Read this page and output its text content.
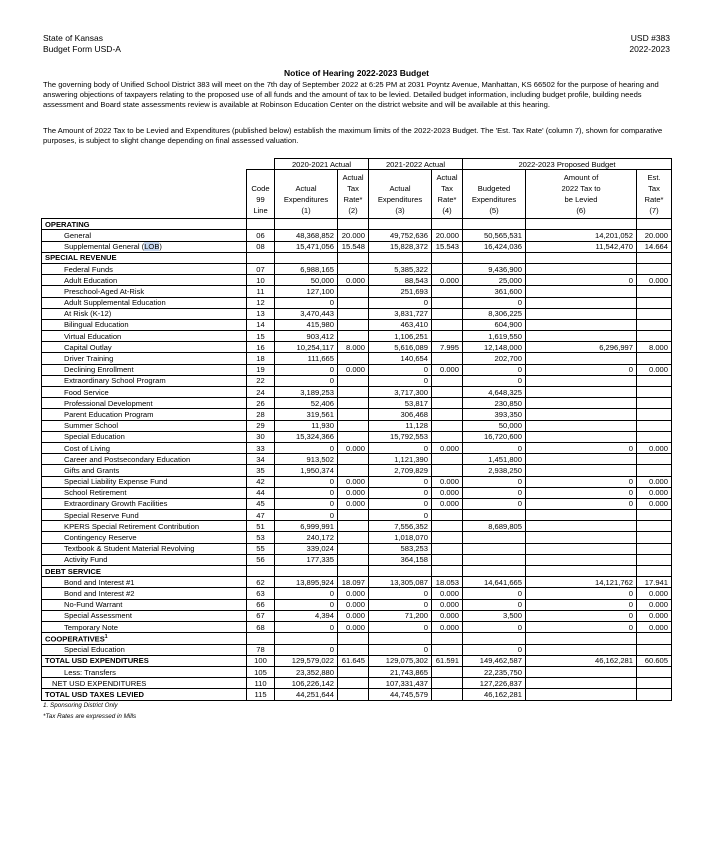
State of Kansas
Budget Form USD-A
USD #383
2022-2023
Notice of Hearing 2022-2023 Budget
The governing body of Unified School District 383 will meet on the 7th day of September 2022 at 6:25 PM at 2031 Poyntz Avenue, Manhattan, KS 66502 for the purpose of hearing and answering objections of taxpayers relating to the proposed use of all funds and the amount of tax to be levied. Detailed budget information, including budget profile, building needs assessment and Board state assessments review is available at Robinson Education Center on the district website and will be available at this hearing.
The Amount of 2022 Tax to be Levied and Expenditures (published below) establish the maximum limits of the 2022-2023 Budget. The 'Est. Tax Rate' (column 7), shown for comparative purposes, is subject to slight change depending on final assessed valuation.
		2020-2021 Actual		2021-2022 Actual		2022-2023 Proposed Budget		
	Code
99
Line	Actual
Expenditures
(1)	Actual
Tax
Rate*
(2)	Actual
Expenditures
(3)	Actual
Tax
Rate*
(4)	Budgeted
Expenditures
(5)	Amount of
2022 Tax to
be Levied
(6)	Est.
Tax
Rate*
(7)
OPERATING								
General	06	48,368,852	20.000	49,752,636	20.000	50,565,531	14,201,052	20.000
Supplemental General (LOB)	08	15,471,056	15.548	15,828,372	15.543	16,424,036	11,542,470	14.664
SPECIAL REVENUE								
Federal Funds	07	6,988,165		5,385,322		9,436,900		
Adult Education	10	50,000	0.000	88,543	0.000	25,000	0	0.000
Preschool-Aged At-Risk	11	127,100		251,693		361,600		
Adult Supplemental Education	12	0		0		0		
At Risk (K-12)	13	3,470,443		3,831,727		8,306,225		
Bilingual Education	14	415,980		463,410		604,900		
Virtual Education	15	903,412		1,106,251		1,619,550		
Capital Outlay	16	10,254,117	8.000	5,616,089	7.995	12,148,000	6,296,997	8.000
Driver Training	18	111,665		140,654		202,700		
Declining Enrollment	19	0	0.000	0	0.000	0	0	0.000
Extraordinary School Program	22	0		0		0		
Food Service	24	3,189,253		3,717,300		4,648,325		
Professional Development	26	52,406		53,817		230,850		
Parent Education Program	28	319,561		306,468		393,350		
Summer School	29	11,930		11,128		50,000		
Special Education	30	15,324,366		15,792,553		16,720,600		
Cost of Living	33	0	0.000	0	0.000	0	0	0.000
Career and Postsecondary Education	34	913,502		1,121,390		1,451,800		
Gifts and Grants	35	1,950,374		2,709,829		2,938,250		
Special Liability Expense Fund	42	0	0.000	0	0.000	0	0	0.000
School Retirement	44	0	0.000	0	0.000	0	0	0.000
Extraordinary Growth Facilities	45	0	0.000	0	0.000	0	0	0.000
Special Reserve Fund	47	0		0				
KPERS Special Retirement Contribution	51	6,999,991		7,556,352		8,689,805		
Contingency Reserve	53	240,172		1,018,070				
Textbook & Student Material Revolving	55	339,024		583,253				
Activity Fund	56	177,335		364,158				
DEBT SERVICE								
Bond and Interest #1	62	13,895,924	18.097	13,305,087	18.053	14,641,665	14,121,762	17.941
Bond and Interest #2	63	0	0.000	0	0.000	0	0	0.000
No-Fund Warrant	66	0	0.000	0	0.000	0	0	0.000
Special Assessment	67	4,394	0.000	71,200	0.000	3,500	0	0.000
Temporary Note	68	0	0.000	0	0.000	0	0	0.000
COOPERATIVES$^1$								
Special Education	78	0		0		0		
TOTAL USD EXPENDITURES	100	129,579,022	61.645	129,075,302	61.591	149,462,587	46,162,281	60.605
Less: Transfers	105	23,352,880		21,743,865		22,235,750		
NET USD EXPENDITURES	110	106,226,142		107,331,437		127,226,837		
TOTAL USD TAXES LEVIED	115	44,251,644		44,745,579		46,162,281		
1. Sponsoring District Only
*Tax Rates are expressed in Mills
